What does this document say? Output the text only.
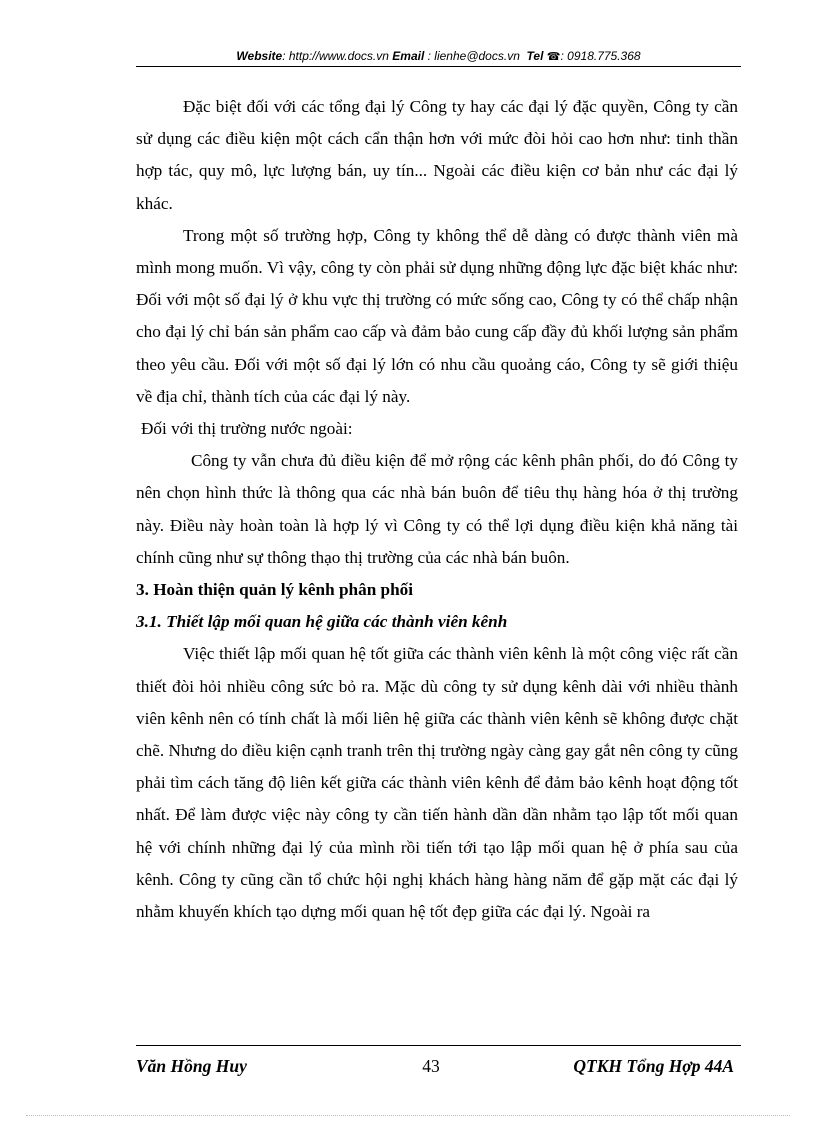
Website: http://www.docs.vn Email : lienhe@docs.vn Tel ☎: 0918.775.368

Đặc biệt đối với các tổng đại lý Công ty hay các đại lý đặc quyền, Công ty cần sử dụng các điều kiện một cách cẩn thận hơn với mức đòi hỏi cao hơn như: tinh thần hợp tác, quy mô, lực lượng bán, uy tín... Ngoài các điều kiện cơ bản như các đại lý khác.

Trong một số trường hợp, Công ty không thể dễ dàng có được thành viên mà mình mong muốn. Vì vậy, công ty còn phải sử dụng những động lực đặc biệt khác như: Đối với một số đại lý ở khu vực thị trường có mức sống cao, Công ty có thể chấp nhận cho đại lý chỉ bán sản phẩm cao cấp và đảm bảo cung cấp đầy đủ khối lượng sản phẩm theo yêu cầu. Đối với một số đại lý lớn có nhu cầu quoảng cáo, Công ty sẽ giới thiệu về địa chỉ, thành tích của các đại lý này.

Đối với thị trường nước ngoài:

Công ty vẫn chưa đủ điều kiện để mở rộng các kênh phân phối, do đó Công ty nên chọn hình thức là thông qua các nhà bán buôn để tiêu thụ hàng hóa ở thị trường này. Điều này hoàn toàn là hợp lý vì Công ty có thể lợi dụng điều kiện khả năng tài chính cũng như sự thông thạo thị trường của các nhà bán buôn.

3. Hoàn thiện quản lý kênh phân phối
3.1. Thiết lập mối quan hệ giữa các thành viên kênh

Việc thiết lập mối quan hệ tốt giữa các thành viên kênh là một công việc rất cần thiết đòi hỏi nhiều công sức bỏ ra. Mặc dù công ty sử dụng kênh dài với nhiều thành viên kênh nên có tính chất là mối liên hệ giữa các thành viên kênh sẽ không được chặt chẽ. Nhưng do điều kiện cạnh tranh trên thị trường ngày càng gay gắt nên công ty cũng phải tìm cách tăng độ liên kết giữa các thành viên kênh để đảm bảo kênh hoạt động tốt nhất. Để làm được việc này công ty cần tiến hành dần dần nhằm tạo lập tốt mối quan hệ với chính những đại lý của mình rồi tiến tới tạo lập mối quan hệ ở phía sau của kênh. Công ty cũng cần tổ chức hội nghị khách hàng hàng năm để gặp mặt các đại lý nhằm khuyến khích tạo dựng mối quan hệ tốt đẹp giữa các đại lý. Ngoài ra

Văn Hồng Huy	43	QTKH Tổng Hợp 44A
